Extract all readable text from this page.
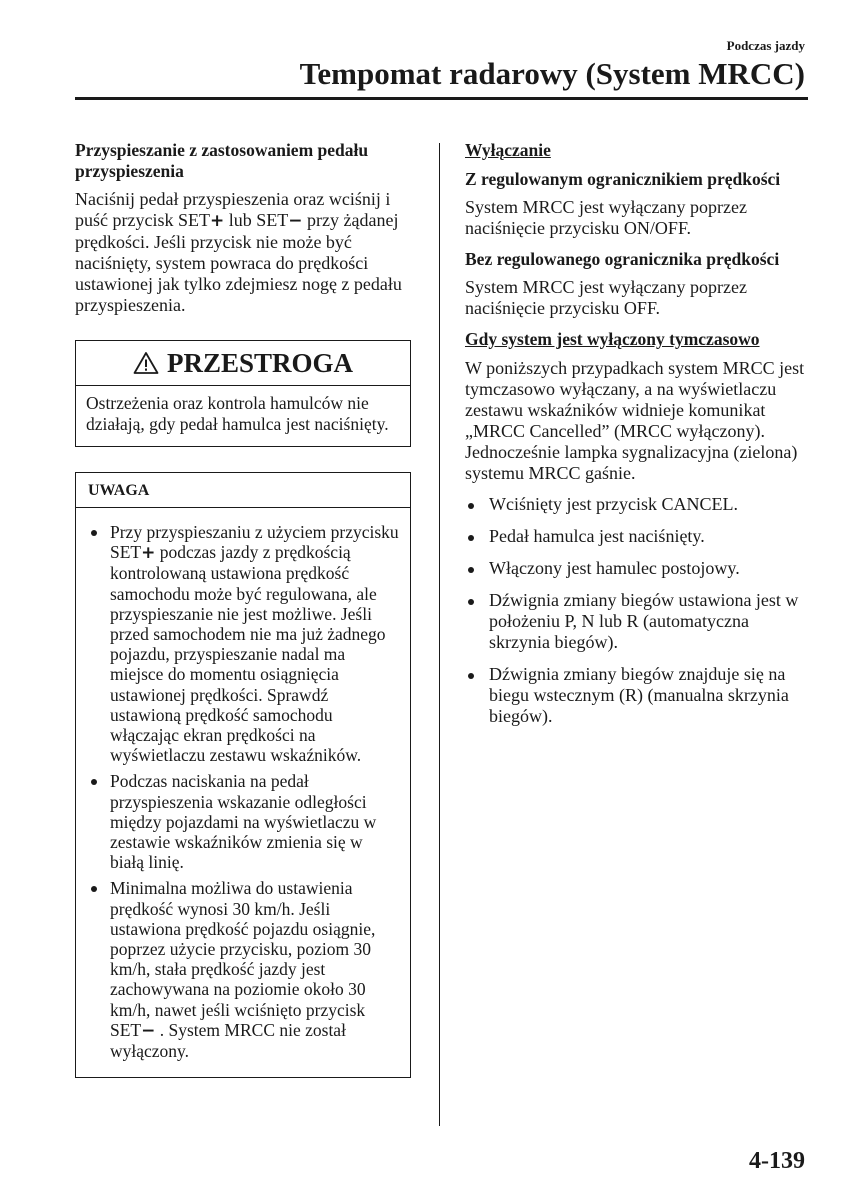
Podczas jazdy
Tempomat radarowy (System MRCC)
Przyspieszanie z zastosowaniem pedału przyspieszenia

Naciśnij pedał przyspieszenia oraz wciśnij i puść przycisk SET+ lub SET− przy żądanej prędkości. Jeśli przycisk nie może być naciśnięty, system powraca do prędkości ustawionej jak tylko zdejmiesz nogę z pedału przyspieszenia.

PRZESTROGA
Ostrzeżenia oraz kontrola hamulców nie działają, gdy pedał hamulca jest naciśnięty.
UWAGA
Przy przyspieszaniu z użyciem przycisku SET+ podczas jazdy z prędkością kontrolowaną ustawiona prędkość samochodu może być regulowana, ale przyspieszanie nie jest możliwe. Jeśli przed samochodem nie ma już żadnego pojazdu, przyspieszanie nadal ma miejsce do momentu osiągnięcia ustawionej prędkości. Sprawdź ustawioną prędkość samochodu włączając ekran prędkości na wyświetlaczu zestawu wskaźników.
Podczas naciskania na pedał przyspieszenia wskazanie odległości między pojazdami na wyświetlaczu w zestawie wskaźników zmienia się w białą linię.
Minimalna możliwa do ustawienia prędkość wynosi 30 km/h. Jeśli ustawiona prędkość pojazdu osiągnie, poprzez użycie przycisku, poziom 30 km/h, stała prędkość jazdy jest zachowywana na poziomie około 30 km/h, nawet jeśli wciśnięto przycisk SET− . System MRCC nie został wyłączony.
Wyłączanie
Z regulowanym ogranicznikiem prędkości

System MRCC jest wyłączany poprzez naciśnięcie przycisku ON/OFF.

Bez regulowanego ogranicznika prędkości

System MRCC jest wyłączany poprzez naciśnięcie przycisku OFF.

Gdy system jest wyłączony tymczasowo

W poniższych przypadkach system MRCC jest tymczasowo wyłączany, a na wyświetlaczu zestawu wskaźników widnieje komunikat „MRCC Cancelled” (MRCC wyłączony). Jednocześnie lampka sygnalizacyjna (zielona) systemu MRCC gaśnie.

Wciśnięty jest przycisk CANCEL.
Pedał hamulca jest naciśnięty.
Włączony jest hamulec postojowy.
Dźwignia zmiany biegów ustawiona jest w położeniu P, N lub R (automatyczna skrzynia biegów).
Dźwignia zmiany biegów znajduje się na biegu wstecznym (R) (manualna skrzynia biegów).
4-139
